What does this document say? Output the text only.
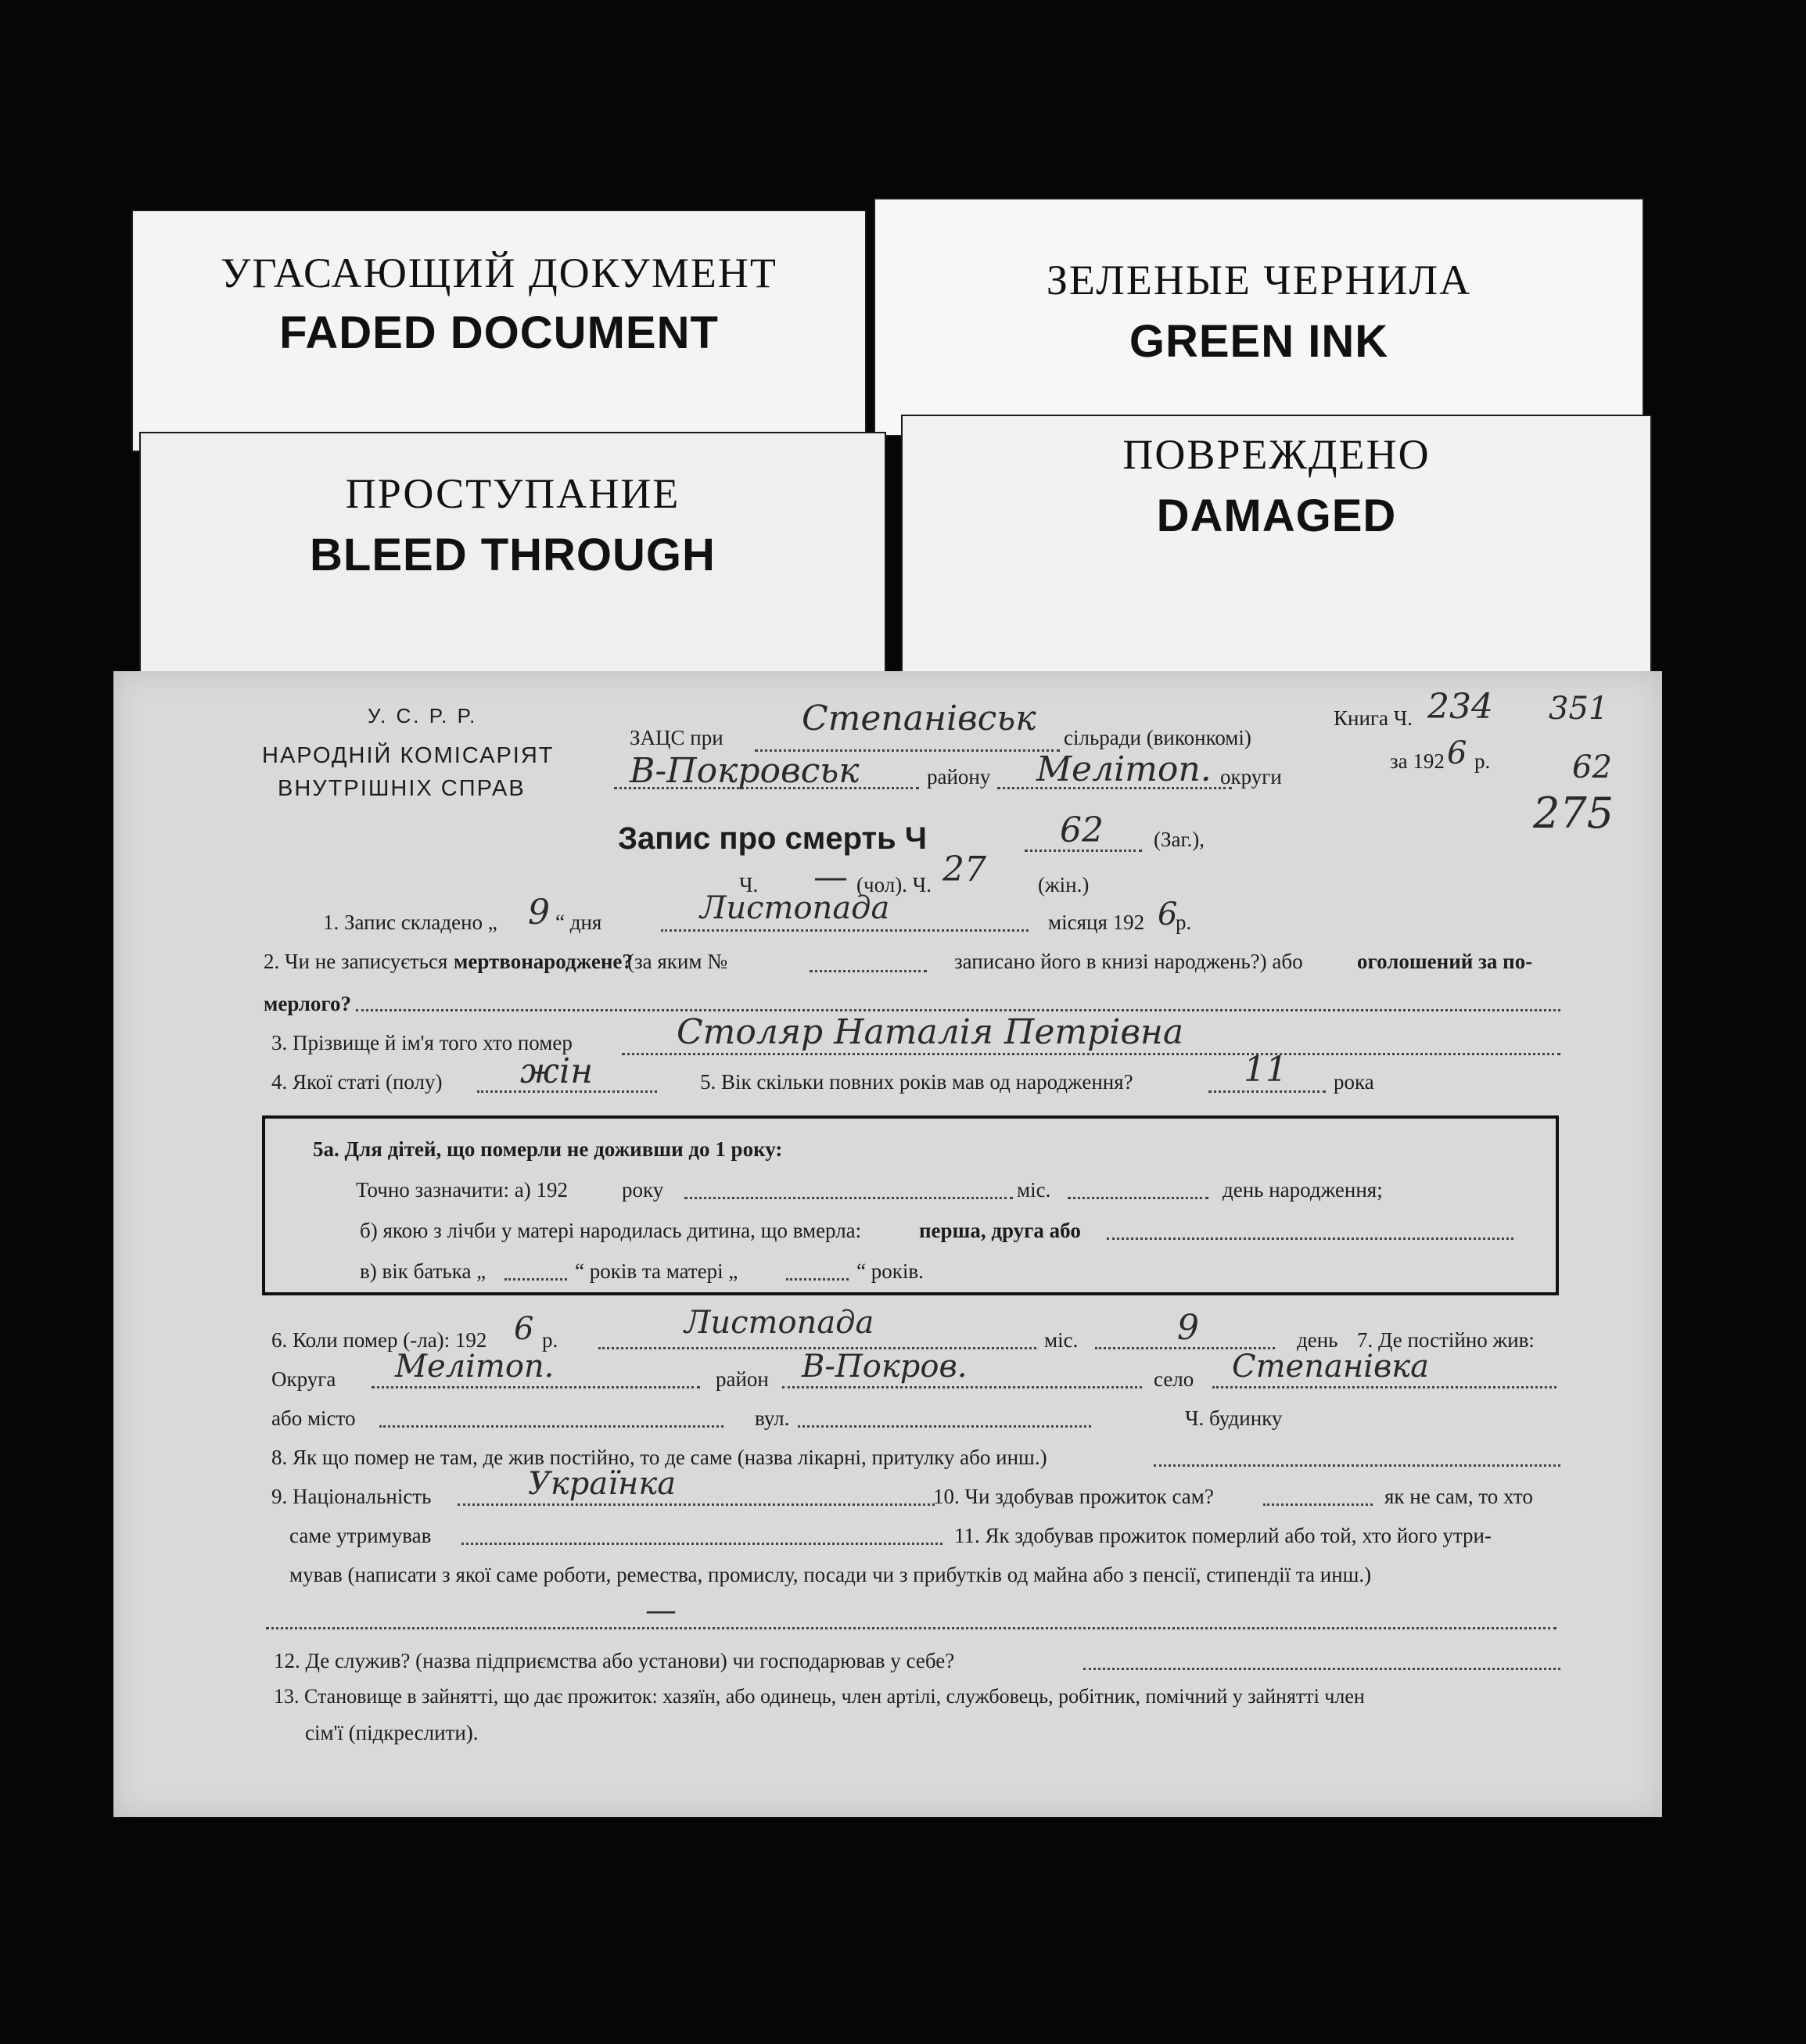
УГАСАЮЩИЙ ДОКУМЕНТ
FADED DOCUMENT
ЗЕЛЕНЫЕ ЧЕРНИЛА
GREEN INK
ПРОСТУПАНИЕ
BLEED THROUGH
ПОВРЕЖДЕНО
DAMAGED
У. С. Р. Р.
НАРОДНІЙ КОМІСАРІЯТ
ВНУТРІШНІХ СПРАВ
ЗАЦС при Степанівськ сільради (виконкомі)
В-Покровськ	району Мелітоп. округи
Книга Ч. 234
за 192 6 р.
351
62
275
Запис про смерть Ч	62 (Заг.),
Ч. — (чол). Ч. 27 (жін.)
1. Запис складено „ 9 “ дня	Листопада	місяця 192 6
р.
2. Чи не записується мертвонароджене?
(за яким №	записано його в книзі народжень?) або	оголошений за по-
мерлого?
3. Прізвище й ім'я того хто помер	Столяр Наталія Петрівна
4. Якої статі (полу) жін	5. Вік скільки повних років мав од народження?	11 рока
5а. Для дітей, що померли не доживши до 1 року:
Точно зазначити: а) 192	року	міс.	день народження;
б) якою з лічби у матері народилась дитина, що вмерла:	перша, друга або
в) вік батька „	“ років та матері „	“ років.
6. Коли помер (-ла): 192 6 р.	Листопада	міс.	9	день 7. Де постійно жив:
Округа Мелітоп.	район В-Покров.	село Степанівка
або місто	вул.	Ч. будинку
8. Як що помер не там, де жив постійно, то де саме (назва лікарні, притулку або инш.)
9. Національність	Українка	10. Чи здобував прожиток сам?	як не сам, то хто
саме утримував	11. Як здобував прожиток померлий або той, хто його утри-
мував (написати з якої саме роботи, ремества, промислу, посади чи з прибутків од майна або з пенсії, стипендії та инш.)
—
12. Де служив? (назва підприємства або установи) чи господарював у себе?
13. Становище в зайнятті, що дає прожиток: хазяїн, або одинець, член артілі, службовець, робітник, помічний у зайнятті член
сім'ї (підкреслити).
